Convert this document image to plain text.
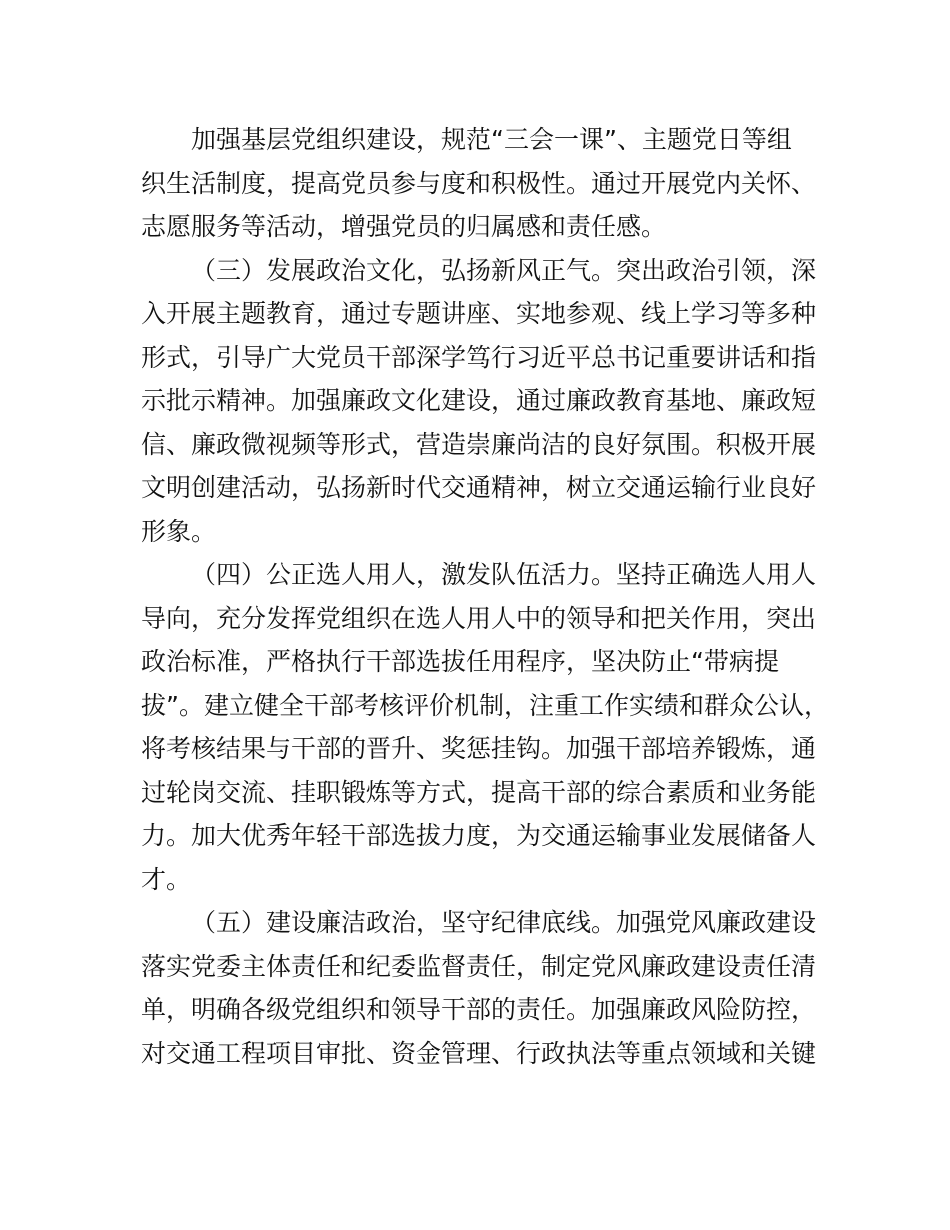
加强基层党组织建设，规范“三会一课”、主题党日等组
织生活制度，提高党员参与度和积极性。通过开展党内关怀、
志愿服务等活动，增强党员的归属感和责任感。
（三）发展政治文化，弘扬新风正气。突出政治引领，深
入开展主题教育，通过专题讲座、实地参观、线上学习等多种
形式，引导广大党员干部深学笃行习近平总书记重要讲话和指
示批示精神。加强廉政文化建设，通过廉政教育基地、廉政短
信、廉政微视频等形式，营造崇廉尚洁的良好氛围。积极开展
文明创建活动，弘扬新时代交通精神，树立交通运输行业良好
形象。
（四）公正选人用人，激发队伍活力。坚持正确选人用人
导向，充分发挥党组织在选人用人中的领导和把关作用，突出
政治标准，严格执行干部选拔任用程序，坚决防止“带病提
拔”。建立健全干部考核评价机制，注重工作实绩和群众公认，
将考核结果与干部的晋升、奖惩挂钩。加强干部培养锻炼，通
过轮岗交流、挂职锻炼等方式，提高干部的综合素质和业务能
力。加大优秀年轻干部选拔力度，为交通运输事业发展储备人
才。
（五）建设廉洁政治，坚守纪律底线。加强党风廉政建设
落实党委主体责任和纪委监督责任，制定党风廉政建设责任清
单，明确各级党组织和领导干部的责任。加强廉政风险防控，
对交通工程项目审批、资金管理、行政执法等重点领域和关键
